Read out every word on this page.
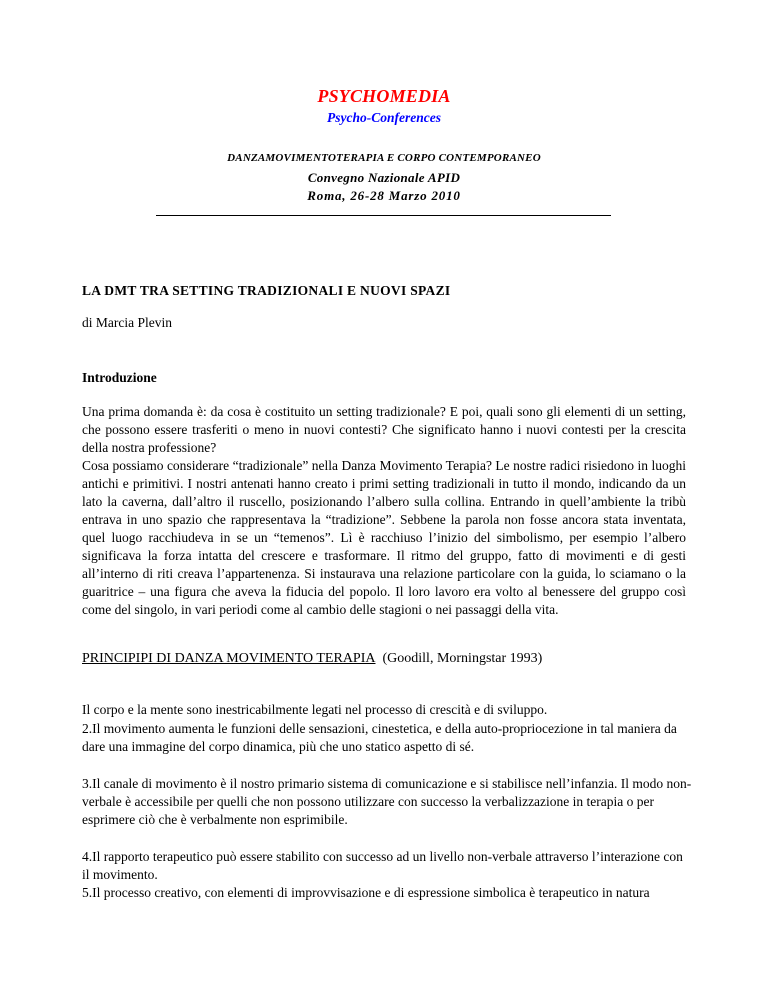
PSYCHOMEDIA
Psycho-Conferences
DANZAMOVIMENTOTERAPIA E CORPO CONTEMPORANEO
Convegno Nazionale APID
Roma, 26-28 Marzo 2010
LA DMT TRA SETTING TRADIZIONALI E NUOVI SPAZI
di Marcia Plevin
Introduzione

Una prima domanda è: da cosa è costituito un setting tradizionale? E poi, quali sono gli elementi di un setting, che possono essere trasferiti o meno in nuovi contesti? Che significato hanno i nuovi contesti per la crescita della nostra professione?

Cosa possiamo considerare “tradizionale” nella Danza Movimento Terapia? Le nostre radici risiedono in luoghi antichi e primitivi. I nostri antenati hanno creato i primi setting tradizionali in tutto il mondo, indicando da un lato la caverna, dall’altro il ruscello, posizionando l’albero sulla collina. Entrando in quell’ambiente la tribù entrava in uno spazio che rappresentava la “tradizione”. Sebbene la parola non fosse ancora stata inventata, quel luogo racchiudeva in se un “temenos”. Lì è racchiuso l’inizio del simbolismo, per esempio l’albero significava la forza intatta del crescere e trasformare. Il ritmo del gruppo, fatto di movimenti e di gesti all’interno di riti creava l’appartenenza. Si instaurava una relazione particolare con la guida, lo sciamano o la guaritrice – una figura che aveva la fiducia del popolo. Il loro lavoro era volto al benessere del gruppo così come del singolo, in vari periodi come al cambio delle stagioni o nei passaggi della vita.

PRINCIPIPI DI DANZA MOVIMENTO TERAPIA (Goodill, Morningstar 1993)
Il corpo e la mente sono inestricabilmente legati nel processo di crescità e di sviluppo.
2.Il movimento aumenta le funzioni delle sensazioni, cinestetica, e della auto-propriocezione in tal maniera da dare una immagine del corpo dinamica, più che uno statico aspetto di sé.
3.Il canale di movimento è il nostro primario sistema di comunicazione e si stabilisce nell’infanzia. Il modo non-verbale è accessibile per quelli che non possono utilizzare con successo la verbalizzazione in terapia o per esprimere ciò che è verbalmente non esprimibile.
4.Il rapporto terapeutico può essere stabilito con successo ad un livello non-verbale attraverso l’interazione con il movimento.
5.Il processo creativo, con elementi di improvvisazione e di espressione simbolica è terapeutico in natura
